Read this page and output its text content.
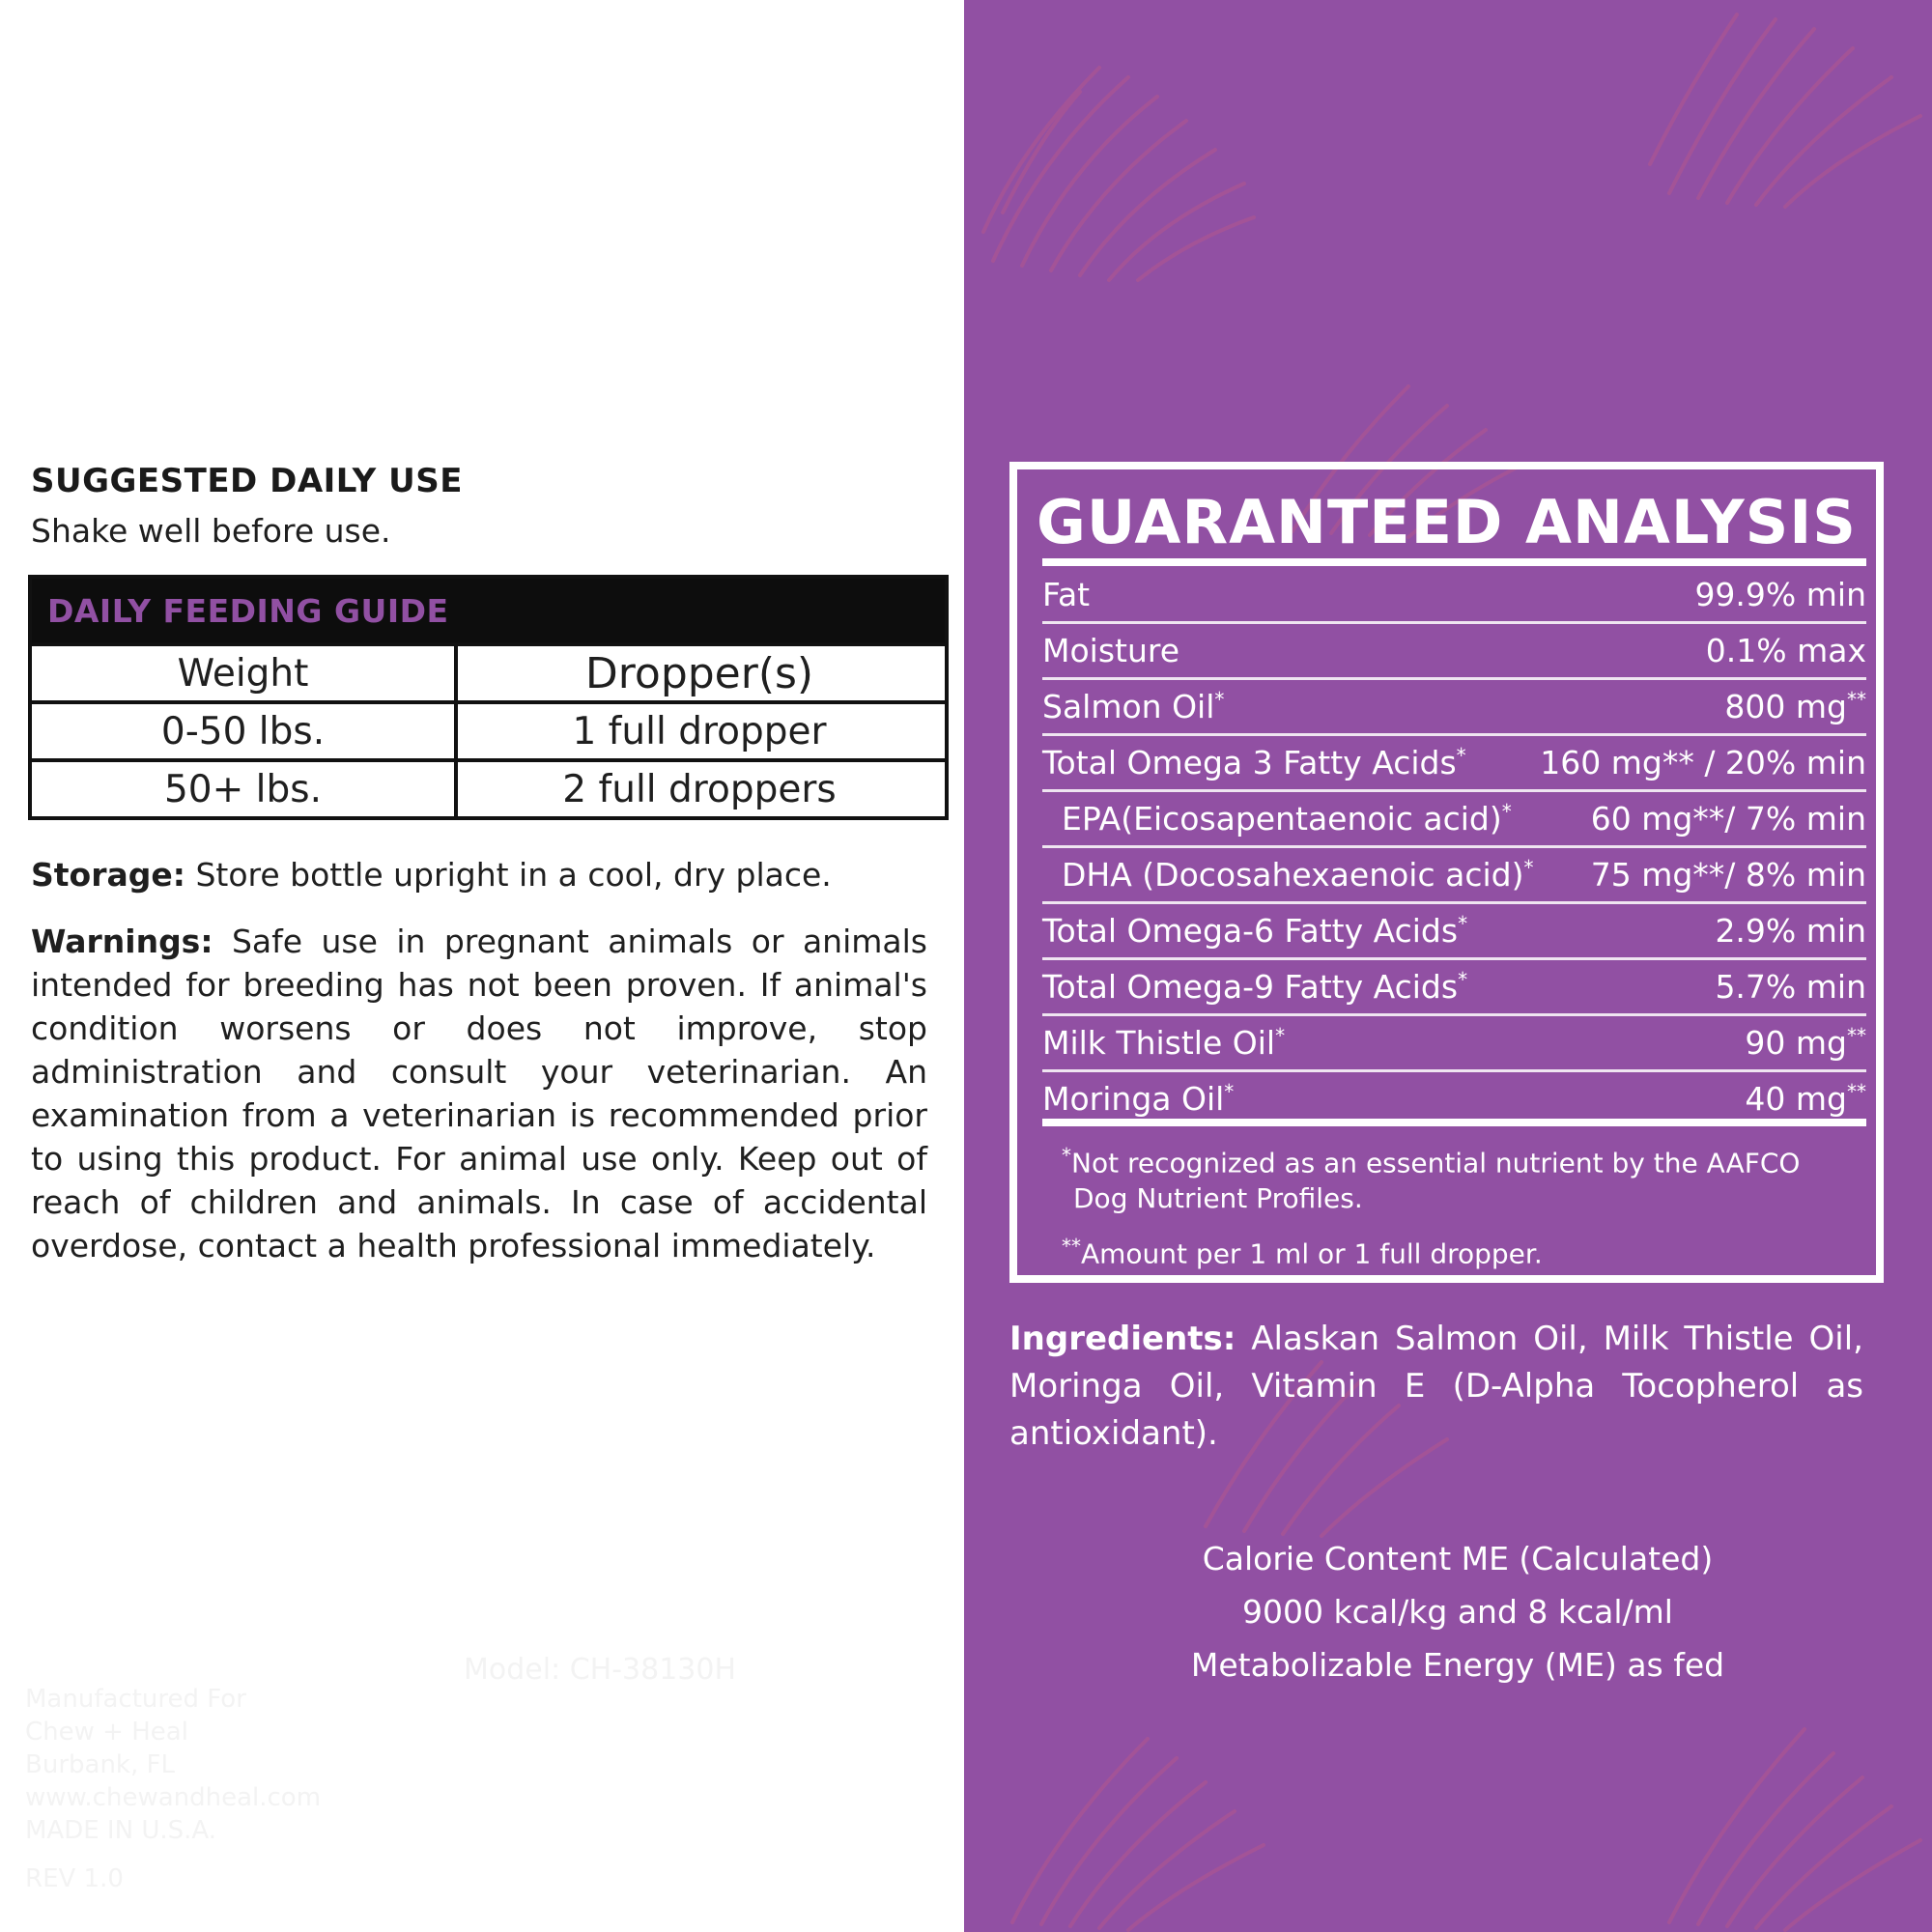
SUGGESTED DAILY USE
Shake well before use.
DAILY FEEDING GUIDE
Weight	Dropper(s)
0-50 lbs.	1 full dropper
50+ lbs.	2 full droppers
Storage: Store bottle upright in a cool, dry place.
Warnings: Safe use in pregnant animals or animals intended for breeding has not been proven. If animal's condition worsens or does not improve, stop administration and consult your veterinarian. An examination from a veterinarian is recommended prior to using this product. For animal use only. Keep out of reach of children and animals. In case of accidental overdose, contact a health professional immediately.
Model: CH-38130H
Manufactured For
Chew + Heal
Burbank, FL
www.chewandheal.com
MADE IN U.S.A.
REV 1.0
GUARANTEED ANALYSIS
Fat	99.9% min
Moisture	0.1% max
Salmon Oil*	800 mg**
Total Omega 3 Fatty Acids* 160 mg** / 20% min
EPA(Eicosapentaenoic acid)* 60 mg**/ 7% min
DHA (Docosahexaenoic acid)* 75 mg**/ 8% min
Total Omega-6 Fatty Acids*	2.9% min
Total Omega-9 Fatty Acids*	5.7% min
Milk Thistle Oil*	90 mg**
Moringa Oil*	40 mg**
*Not recognized as an essential nutrient by the AAFCO
Dog Nutrient Profiles.
**Amount per 1 ml or 1 full dropper.
Ingredients: Alaskan Salmon Oil, Milk Thistle Oil, Moringa Oil, Vitamin E (D-Alpha Tocopherol as antioxidant).
Calorie Content ME (Calculated)
9000 kcal/kg and 8 kcal/ml
Metabolizable Energy (ME) as fed
